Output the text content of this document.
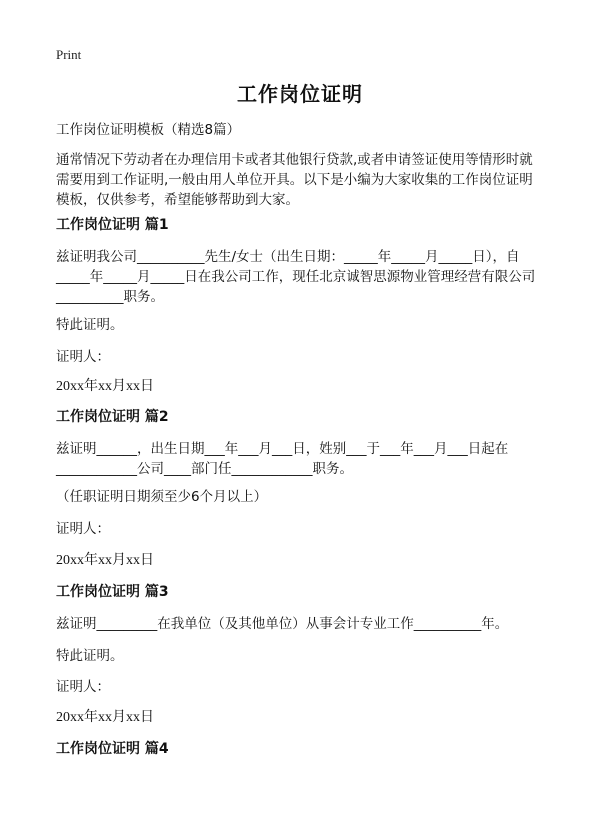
Print
工作岗位证明

工作岗位证明模板（精选8篇）

通常情况下劳动者在办理信用卡或者其他银行贷款,或者申请签证使用等情形时就

需要用到工作证明,一般由用人单位开具。以下是小编为大家收集的工作岗位证明

模板，仅供参考，希望能够帮助到大家。

工作岗位证明 篇1

兹证明我公司__________先生/女士（出生日期：_____年_____月_____日），自

_____年_____月_____日在我公司工作，现任北京诚智思源物业管理经营有限公司

__________职务。

特此证明。

证明人：

20xx年xx月xx日

工作岗位证明 篇2

兹证明______，出生日期___年___月___日，姓别___于___年___月___日起在

____________公司____部门任____________职务。

（任职证明日期须至少6个月以上）

证明人：

20xx年xx月xx日

工作岗位证明 篇3

兹证明_________在我单位（及其他单位）从事会计专业工作__________年。

特此证明。

证明人：

20xx年xx月xx日

工作岗位证明 篇4
